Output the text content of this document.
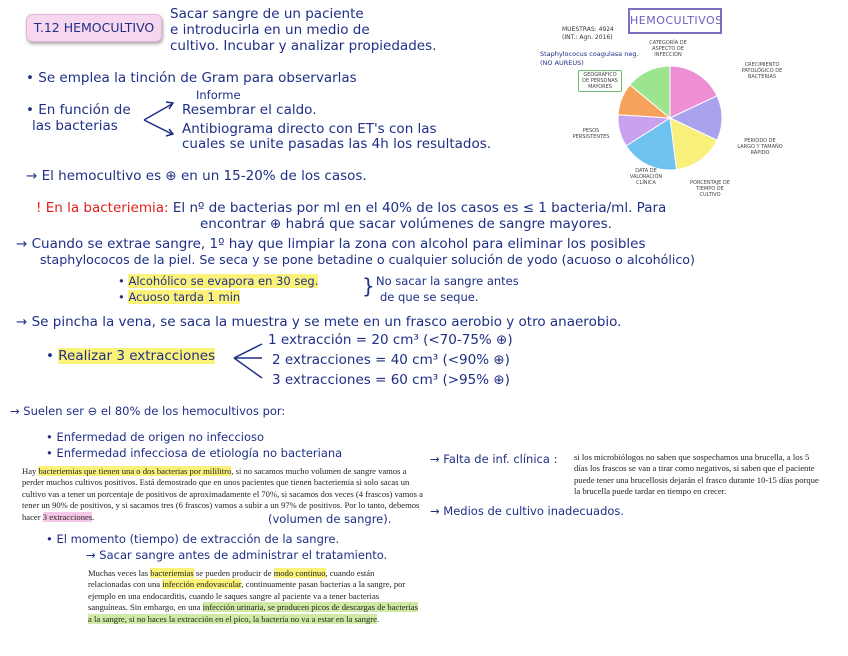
T.12 HEMOCULTIVO
Sacar sangre de un paciente
e introducirla en un medio de
cultivo. Incubar y analizar propiedades.
• Se emplea la tinción de Gram para observarlas
• En función de
las bacterias
Informe
Resembrar el caldo.
Antibiograma directo con ET's con las
cuales se unite pasadas las 4h los resultados.
→ El hemocultivo es ⊕ en un 15-20% de los casos.
! En la bacteriemia: El nº de bacterias por ml en el 40% de los casos es ≤ 1 bacteria/ml. Para
encontrar ⊕ habrá que sacar volúmenes de sangre mayores.
→ Cuando se extrae sangre, 1º hay que limpiar la zona con alcohol para eliminar los posibles
staphylococos de la piel. Se seca y se pone betadine o cualquier solución de yodo (acuoso o alcohólico)
• Alcohólico se evapora en 30 seg.
• Acuoso tarda 1 min	} No sacar la sangre antes
de que se seque.
→ Se pincha la vena, se saca la muestra y se mete en un frasco aerobio y otro anaerobio.
• Realizar 3 extracciones
1 extracción = 20 cm³ (<70-75% ⊕)
2 extracciones = 40 cm³ (<90% ⊕)
3 extracciones = 60 cm³ (>95% ⊕)
→ Suelen ser ⊖ el 80% de los hemocultivos por:
• Enfermedad de origen no infeccioso
• Enfermedad infecciosa de etiología no bacteriana
Hay bacteriemias que tienen una o dos bacterias por mililitro, si no sacamos mucho volumen de sangre vamos a perder muchos cultivos positivos. Está demostrado que en unos pacientes que tienen bacteriemia si solo sacas un cultivo vas a tener un porcentaje de positivos de aproximadamente el 70%, si sacamos dos veces (4 frascos) vamos a tener un 90% de positivos, y si sacamos tres (6 frascos) vamos a subir a un 97% de positivos. Por lo tanto, debemos hacer 3 extracciones.	(volumen de sangre).
• El momento (tiempo) de extracción de la sangre.
→ Sacar sangre antes de administrar el tratamiento.
Muchas veces las bacteriemias se pueden producir de modo continuo, cuando están relacionadas con una infección endovascular, continuamente pasan bacterias a la sangre, por ejemplo en una endocarditis, cuando le saques sangre al paciente va a tener bacterias sanguíneas. Sin embargo, en una infección urinaria, se producen picos de descargas de bacterias a la sangre, si no haces la extracción en el pico, la bacteria no va a estar en la sangre.
→ Falta de inf. clínica : si los microbiólogos no saben que sospechamos una brucella, a los 5 días los frascos se van a tirar como negativos, si saben que el paciente puede tener una brucellosis dejarán el frasco durante 10-15 días porque la brucella puede tardar en tiempo en crecer.
→ Medios de cultivo inadecuados.
HEMOCULTIVOS
MUESTRAS: 4924 (INT.: Agn. 2016)
Staphylococus coagulasa neg. (NO AUREUS)
CATEGORÍA DE ASPECTO DE INFECCIÓN
CRECIMIENTO PATOLÓGICO DE BACTERIAS
PERIODO DE LARGO Y TAMAÑO RÁPIDO
PORCENTAJE DE TIEMPO DE CULTIVO
DATA DE VALORACIÓN CLÍNICA
PESOS PERSISTENTES
GEOGRÁFICO DE PERSONAS MAYORES
